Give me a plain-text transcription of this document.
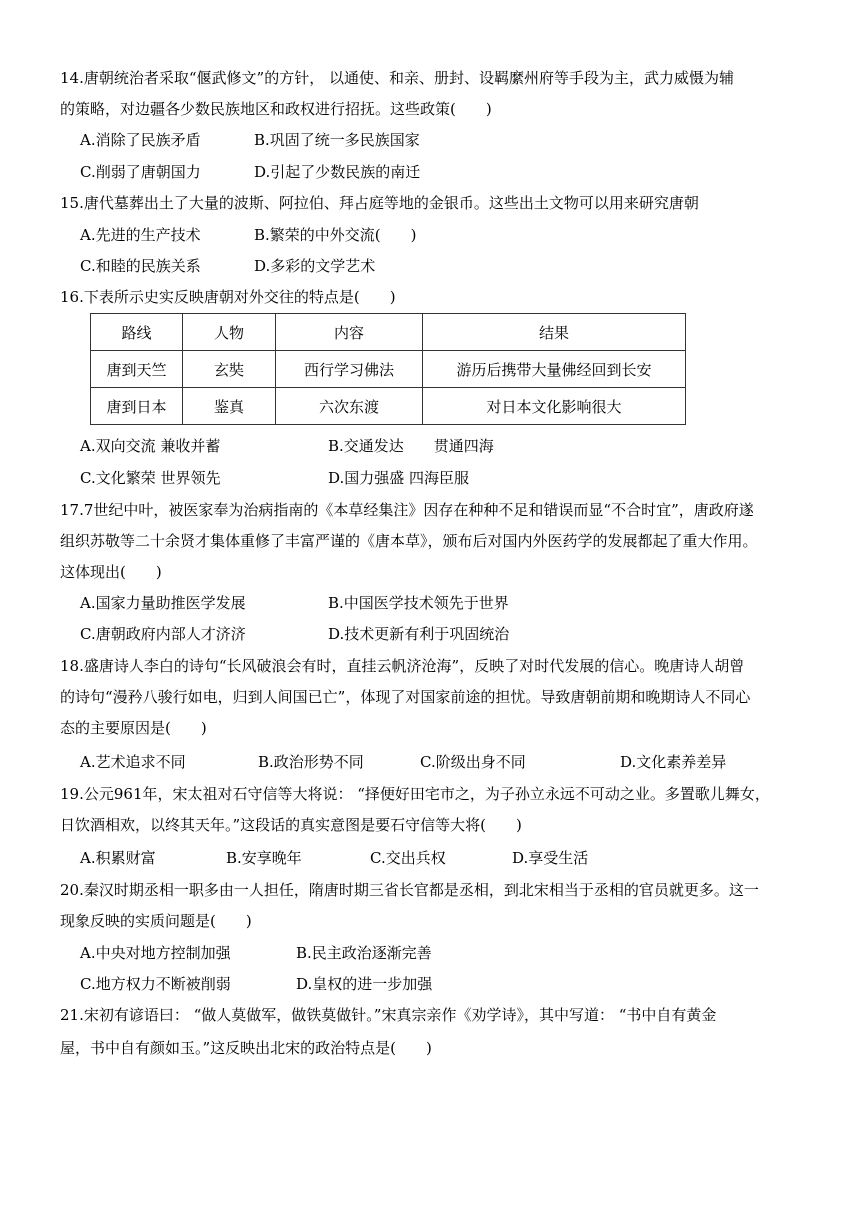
14.唐朝统治者采取“偃武修文”的方针， 以通使、和亲、册封、设羁縻州府等手段为主，武力威慑为辅
的策略，对边疆各少数民族地区和政权进行招抚。这些政策(　　)
A.消除了民族矛盾	B.巩固了统一多民族国家
C.削弱了唐朝国力	D.引起了少数民族的南迁
15.唐代墓葬出土了大量的波斯、阿拉伯、拜占庭等地的金银币。这些出土文物可以用来研究唐朝
A.先进的生产技术	B.繁荣的中外交流(　　)
C.和睦的民族关系	D.多彩的文学艺术
16.下表所示史实反映唐朝对外交往的特点是(　　)
路线	人物	内容	结果
唐到天竺	玄奘	西行学习佛法	游历后携带大量佛经回到长安
唐到日本	鉴真	六次东渡	对日本文化影响很大
A.双向交流 兼收并蓄	B.交通发达　　贯通四海
C.文化繁荣 世界领先	D.国力强盛 四海臣服
17.7世纪中叶，被医家奉为治病指南的《本草经集注》因存在种种不足和错误而显“不合时宜”，唐政府遂
组织苏敬等二十余贤才集体重修了丰富严谨的《唐本草》，颁布后对国内外医药学的发展都起了重大作用。
这体现出(　　)
A.国家力量助推医学发展	B.中国医学技术领先于世界
C.唐朝政府内部人才济济	D.技术更新有利于巩固统治
18.盛唐诗人李白的诗句“长风破浪会有时，直挂云帆济沧海”，反映了对时代发展的信心。晚唐诗人胡曾
的诗句“漫矜八骏行如电，归到人间国已亡”，体现了对国家前途的担忧。导致唐朝前期和晚期诗人不同心
态的主要原因是(　　)
A.艺术追求不同	B.政治形势不同	C.阶级出身不同	D.文化素养差异
19.公元961年，宋太祖对石守信等大将说： “择便好田宅市之，为子孙立永远不可动之业。多置歌儿舞女，
日饮酒相欢，以终其天年。”这段话的真实意图是要石守信等大将(　　)
A.积累财富	B.安享晚年	C.交出兵权	D.享受生活
20.秦汉时期丞相一职多由一人担任，隋唐时期三省长官都是丞相，到北宋相当于丞相的官员就更多。这一
现象反映的实质问题是(　　)
A.中央对地方控制加强	B.民主政治逐渐完善
C.地方权力不断被削弱	D.皇权的进一步加强
21.宋初有谚语曰： “做人莫做军，做铁莫做针。”宋真宗亲作《劝学诗》，其中写道： “书中自有黄金
屋，书中自有颜如玉。”这反映出北宋的政治特点是(　　)
